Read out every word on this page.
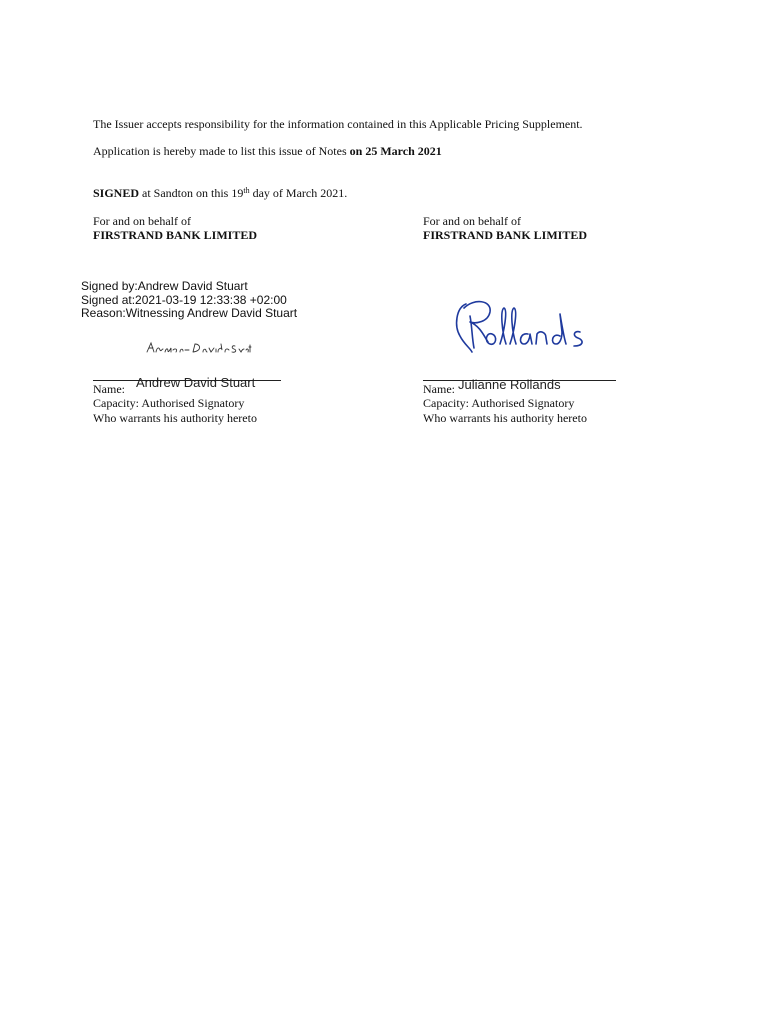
The Issuer accepts responsibility for the information contained in this Applicable Pricing Supplement.
Application is hereby made to list this issue of Notes on 25 March 2021
SIGNED at Sandton on this 19th day of March 2021.
For and on behalf of
FIRSTRAND BANK LIMITED
Signed by:Andrew David Stuart
Signed at:2021-03-19 12:33:38 +02:00
Reason:Witnessing Andrew David Stuart
Andrew David Stuart
Name:
Capacity: Authorised Signatory
Who warrants his authority hereto
For and on behalf of
FIRSTRAND BANK LIMITED
Julianne Rollands
Name:
Capacity: Authorised Signatory
Who warrants his authority hereto
